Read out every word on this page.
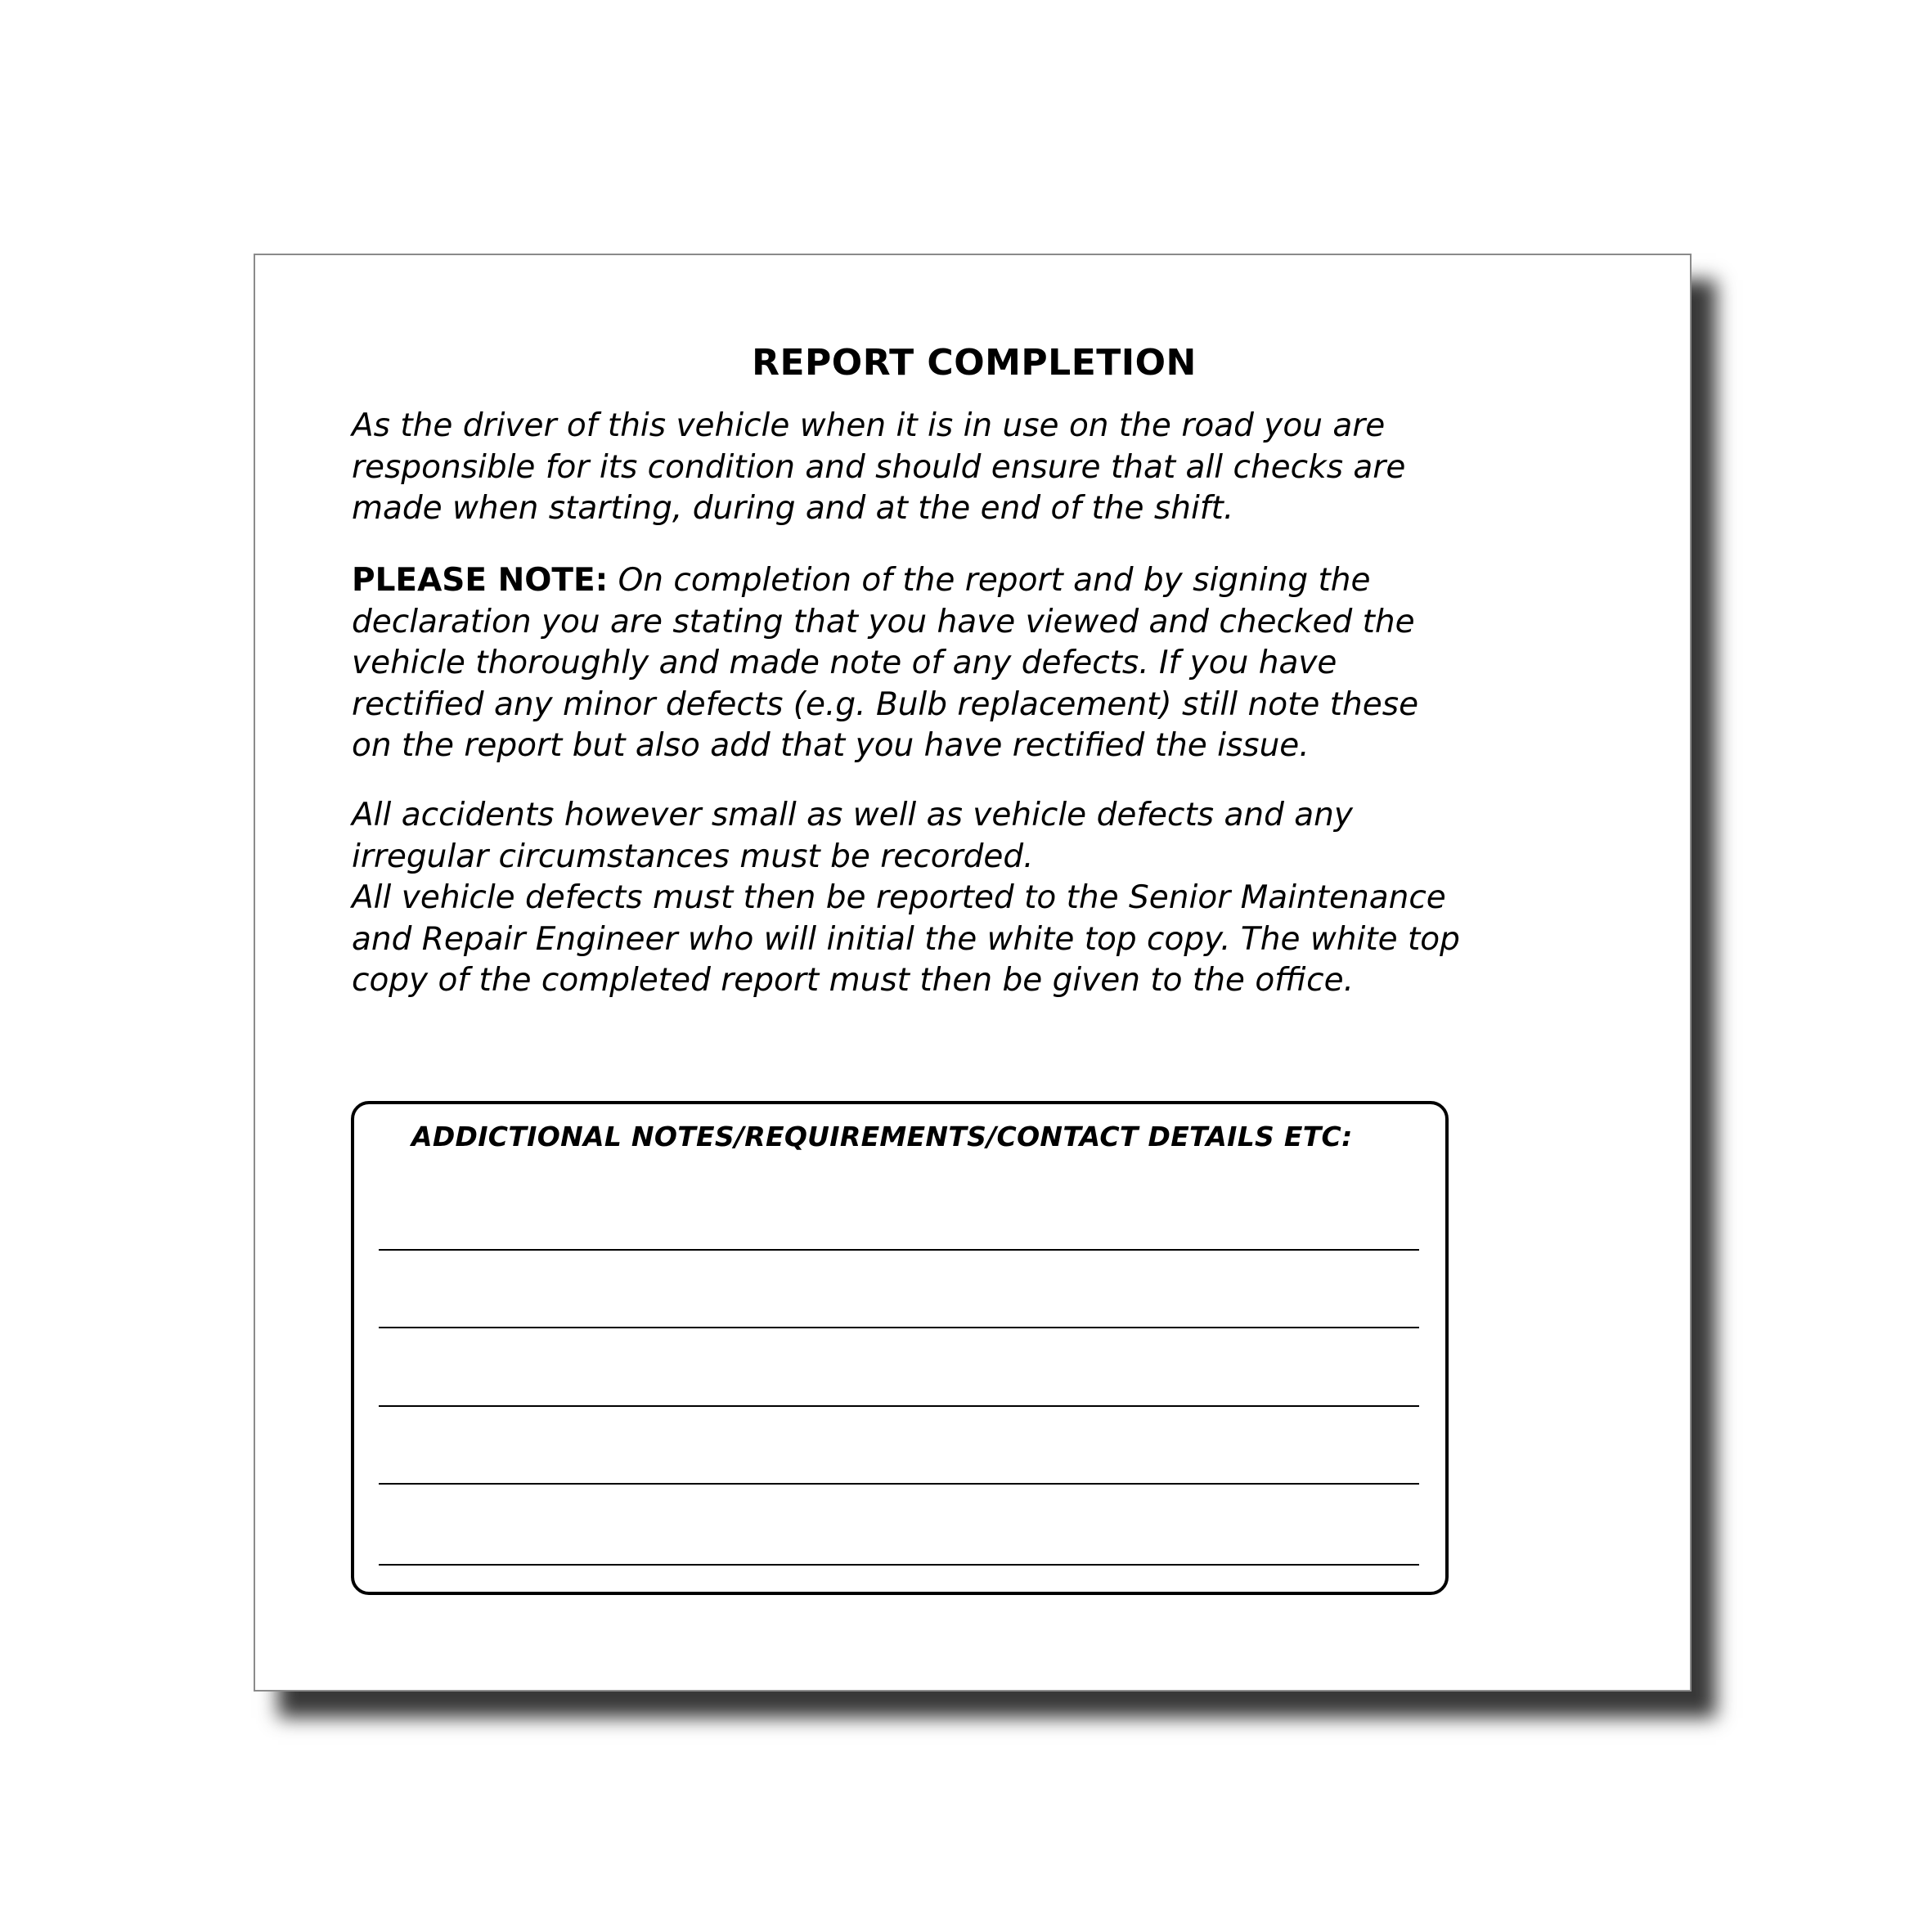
REPORT COMPLETION

As the driver of this vehicle when it is in use on the road you are responsible for its condition and should ensure that all checks are made when starting, during and at the end of the shift.

PLEASE NOTE: On completion of the report and by signing the declaration you are stating that you have viewed and checked the vehicle thoroughly and made note of any defects. If you have rectified any minor defects (e.g. Bulb replacement) still note these on the report but also add that you have rectified the issue.

All accidents however small as well as vehicle defects and any irregular circumstances must be recorded.
All vehicle defects must then be reported to the Senior Maintenance and Repair Engineer who will initial the white top copy. The white top copy of the completed report must then be given to the office.

ADDICTIONAL NOTES/REQUIREMENTS/CONTACT DETAILS ETC:
